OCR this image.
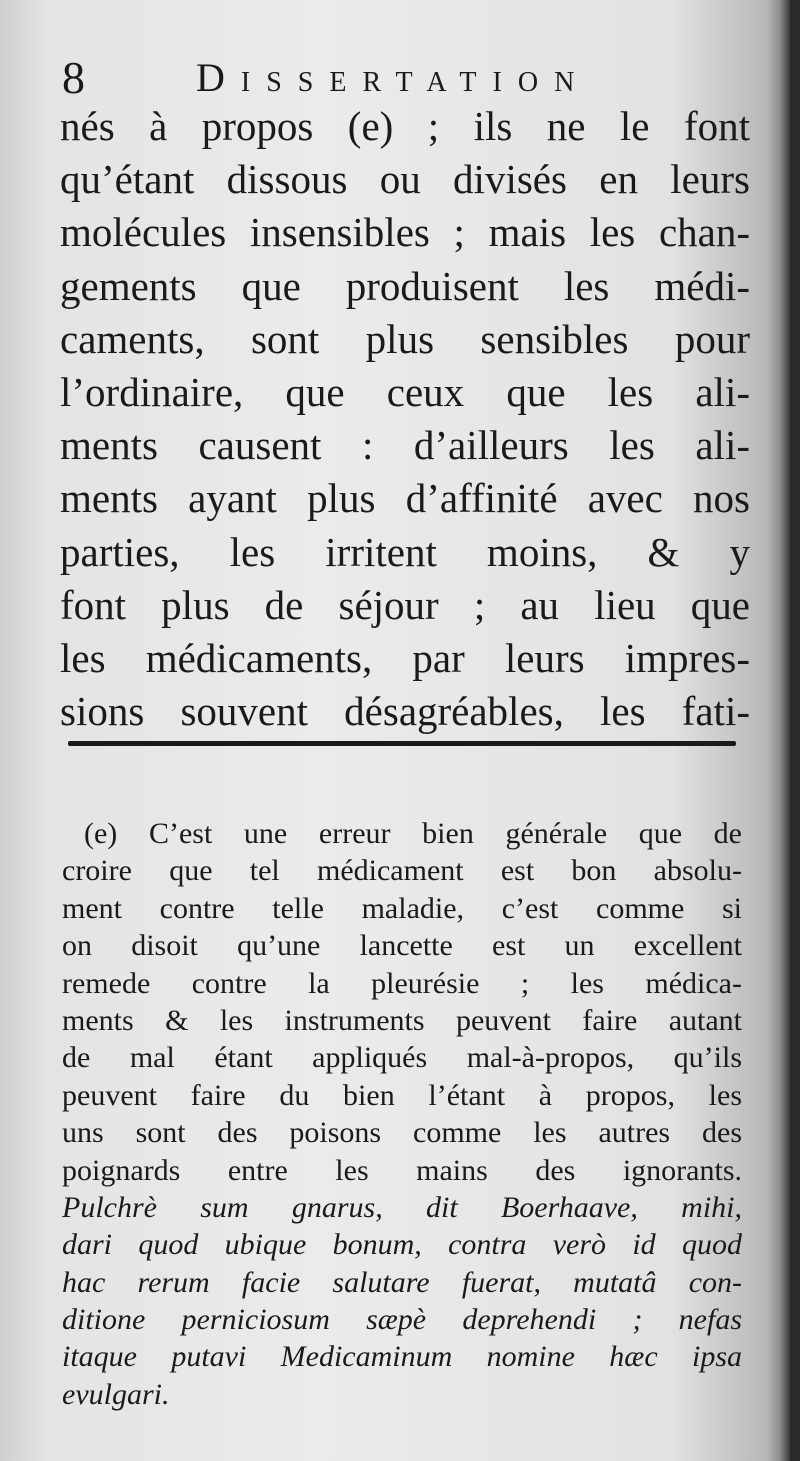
8	Dissertation
nés à propos (e) ; ils ne le font
qu’étant dissous ou divisés en leurs
molécules insensibles ; mais les chan-
gements que produisent les médi-
caments, sont plus sensibles pour
l’ordinaire, que ceux que les ali-
ments causent : d’ailleurs les ali-
ments ayant plus d’affinité avec nos
parties, les irritent moins, & y
font plus de séjour ; au lieu que
les médicaments, par leurs impres-
sions souvent désagréables, les fati-
(e) C’est une erreur bien générale que de
croire que tel médicament est bon absolu-
ment contre telle maladie, c’est comme si
on disoit qu’une lancette est un excellent
remede contre la pleurésie ; les médica-
ments & les instruments peuvent faire autant
de mal étant appliqués mal-à-propos, qu’ils
peuvent faire du bien l’étant à propos, les
uns sont des poisons comme les autres des
poignards entre les mains des ignorants.
Pulchrè sum gnarus, dit Boerhaave, mihi,
dari quod ubique bonum, contra verò id quod
hac rerum facie salutare fuerat, mutatâ con-
ditione perniciosum sæpè deprehendi ; nefas
itaque putavi Medicaminum nomine hæc ipsa
evulgari.
